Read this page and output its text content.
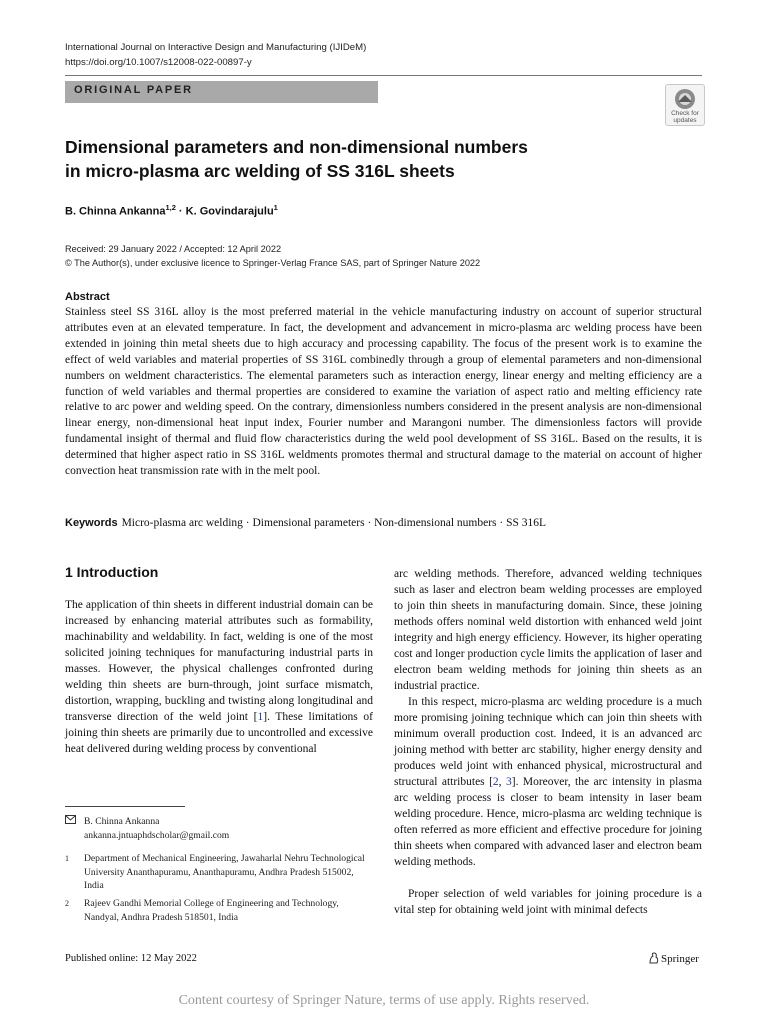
International Journal on Interactive Design and Manufacturing (IJIDeM)
https://doi.org/10.1007/s12008-022-00897-y
ORIGINAL PAPER
Check for
updates
Dimensional parameters and non-dimensional numbers
in micro-plasma arc welding of SS 316L sheets
B. Chinna Ankanna$^{1,2}$ · K. Govindarajulu$^1$
Received: 29 January 2022 / Accepted: 12 April 2022
© The Author(s), under exclusive licence to Springer-Verlag France SAS, part of Springer Nature 2022
Abstract

Stainless steel SS 316L alloy is the most preferred material in the vehicle manufacturing industry on account of superior structural attributes even at an elevated temperature. In fact, the development and advancement in micro-plasma arc welding process have been extended in joining thin metal sheets due to high accuracy and processing capability. The focus of the present work is to examine the effect of weld variables and material properties of SS 316L combinedly through a group of elemental parameters and non-dimensional numbers on weldment characteristics. The elemental parameters such as interaction energy, linear energy and melting efficiency are a function of weld variables and thermal properties are considered to examine the variation of aspect ratio and melting efficiency rate relative to arc power and welding speed. On the contrary, dimensionless numbers considered in the present analysis are non-dimensional linear energy, non-dimensional heat input index, Fourier number and Marangoni number. The dimensionless factors will provide fundamental insight of thermal and fluid flow characteristics during the weld pool development of SS 316L. Based on the results, it is determined that higher aspect ratio in SS 316L weldments promotes thermal and structural damage to the material on account of higher convection heat transmission rate with in the melt pool.

Keywords Micro-plasma arc welding · Dimensional parameters · Non-dimensional numbers · SS 316L
1 Introduction

The application of thin sheets in different industrial domain can be increased by enhancing material attributes such as formability, machinability and weldability. In fact, welding is one of the most solicited joining techniques for manufacturing industrial parts in masses. However, the physical challenges confronted during welding thin sheets are burn-through, joint surface mismatch, distortion, wrapping, buckling and twisting along longitudinal and transverse direction of the weld joint [1]. These limitations of joining thin sheets are primarily due to uncontrolled and excessive heat delivered during welding process by conventional

arc welding methods. Therefore, advanced welding techniques such as laser and electron beam welding processes are employed to join thin sheets in manufacturing domain. Since, these joining methods offers nominal weld distortion with enhanced weld joint integrity and high energy efficiency. However, its higher operating cost and longer production cycle limits the application of laser and electron beam welding methods for joining thin sheets as an industrial practice.

In this respect, micro-plasma arc welding procedure is a much more promising joining technique which can join thin sheets with minimum overall production cost. Indeed, it is an advanced arc joining method with better arc stability, higher energy density and produces weld joint with enhanced physical, microstructural and structural attributes [2, 3]. Moreover, the arc intensity in plasma arc welding process is closer to beam intensity in laser beam welding procedure. Hence, micro-plasma arc welding technique is often referred as more efficient and effective procedure for joining thin sheets when compared with advanced laser and electron beam welding methods.

Proper selection of weld variables for joining procedure is a vital step for obtaining weld joint with minimal defects

B. Chinna Ankanna
ankanna.jntuaphdscholar@gmail.com
1 Department of Mechanical Engineering, Jawaharlal Nehru Technological University Ananthapuramu, Ananthapuramu, Andhra Pradesh 515002, India
2 Rajeev Gandhi Memorial College of Engineering and Technology, Nandyal, Andhra Pradesh 518501, India
Published online: 12 May 2022	Springer
Content courtesy of Springer Nature, terms of use apply. Rights reserved.
